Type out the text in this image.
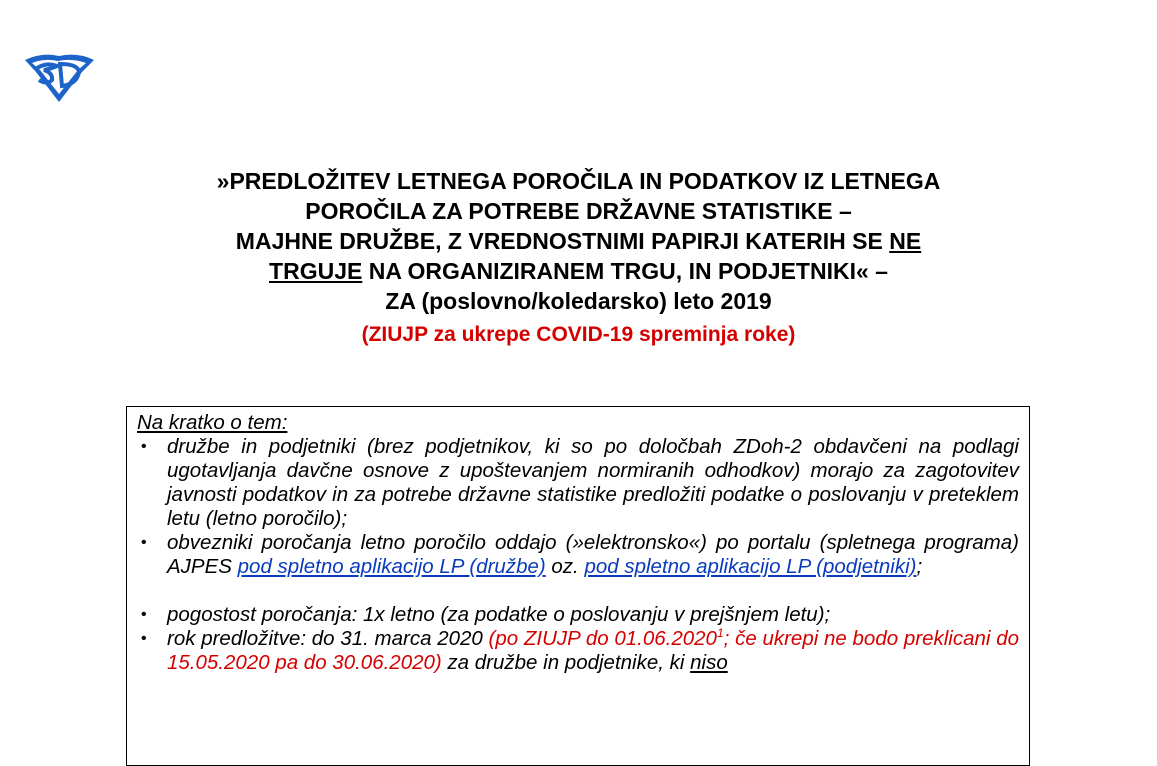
»PREDLOŽITEV LETNEGA POROČILA IN PODATKOV IZ LETNEGA
POROČILA ZA POTREBE DRŽAVNE STATISTIKE –
MAJHNE DRUŽBE, Z VREDNOSTNIMI PAPIRJI KATERIH SE NE
TRGUJE NA ORGANIZIRANEM TRGU, IN PODJETNIKI« –
ZA (poslovno/koledarsko) leto 2019
(ZIUJP za ukrepe COVID-19 spreminja roke)
Na kratko o tem:
• družbe in podjetniki (brez podjetnikov, ki so po določbah ZDoh-2 obdavčeni na podlagi ugotavljanja davčne osnove z upoštevanjem normiranih odhodkov) morajo za zagotovitev javnosti podatkov in za potrebe državne statistike predložiti podatke o poslovanju v preteklem letu (letno poročilo);
• obvezniki poročanja letno poročilo oddajo (»elektronsko«) po portalu (spletnega programa) AJPES pod spletno aplikacijo LP (družbe) oz. pod spletno aplikacijo LP (podjetniki);
• pogostost poročanja: 1x letno (za podatke o poslovanju v prejšnjem letu);
• rok predložitve: do 31. marca 2020 (po ZIUJP do 01.06.2020$^1$; če ukrepi ne bodo preklicani do 15.05.2020 pa do 30.06.2020) za družbe in podjetnike, ki niso
